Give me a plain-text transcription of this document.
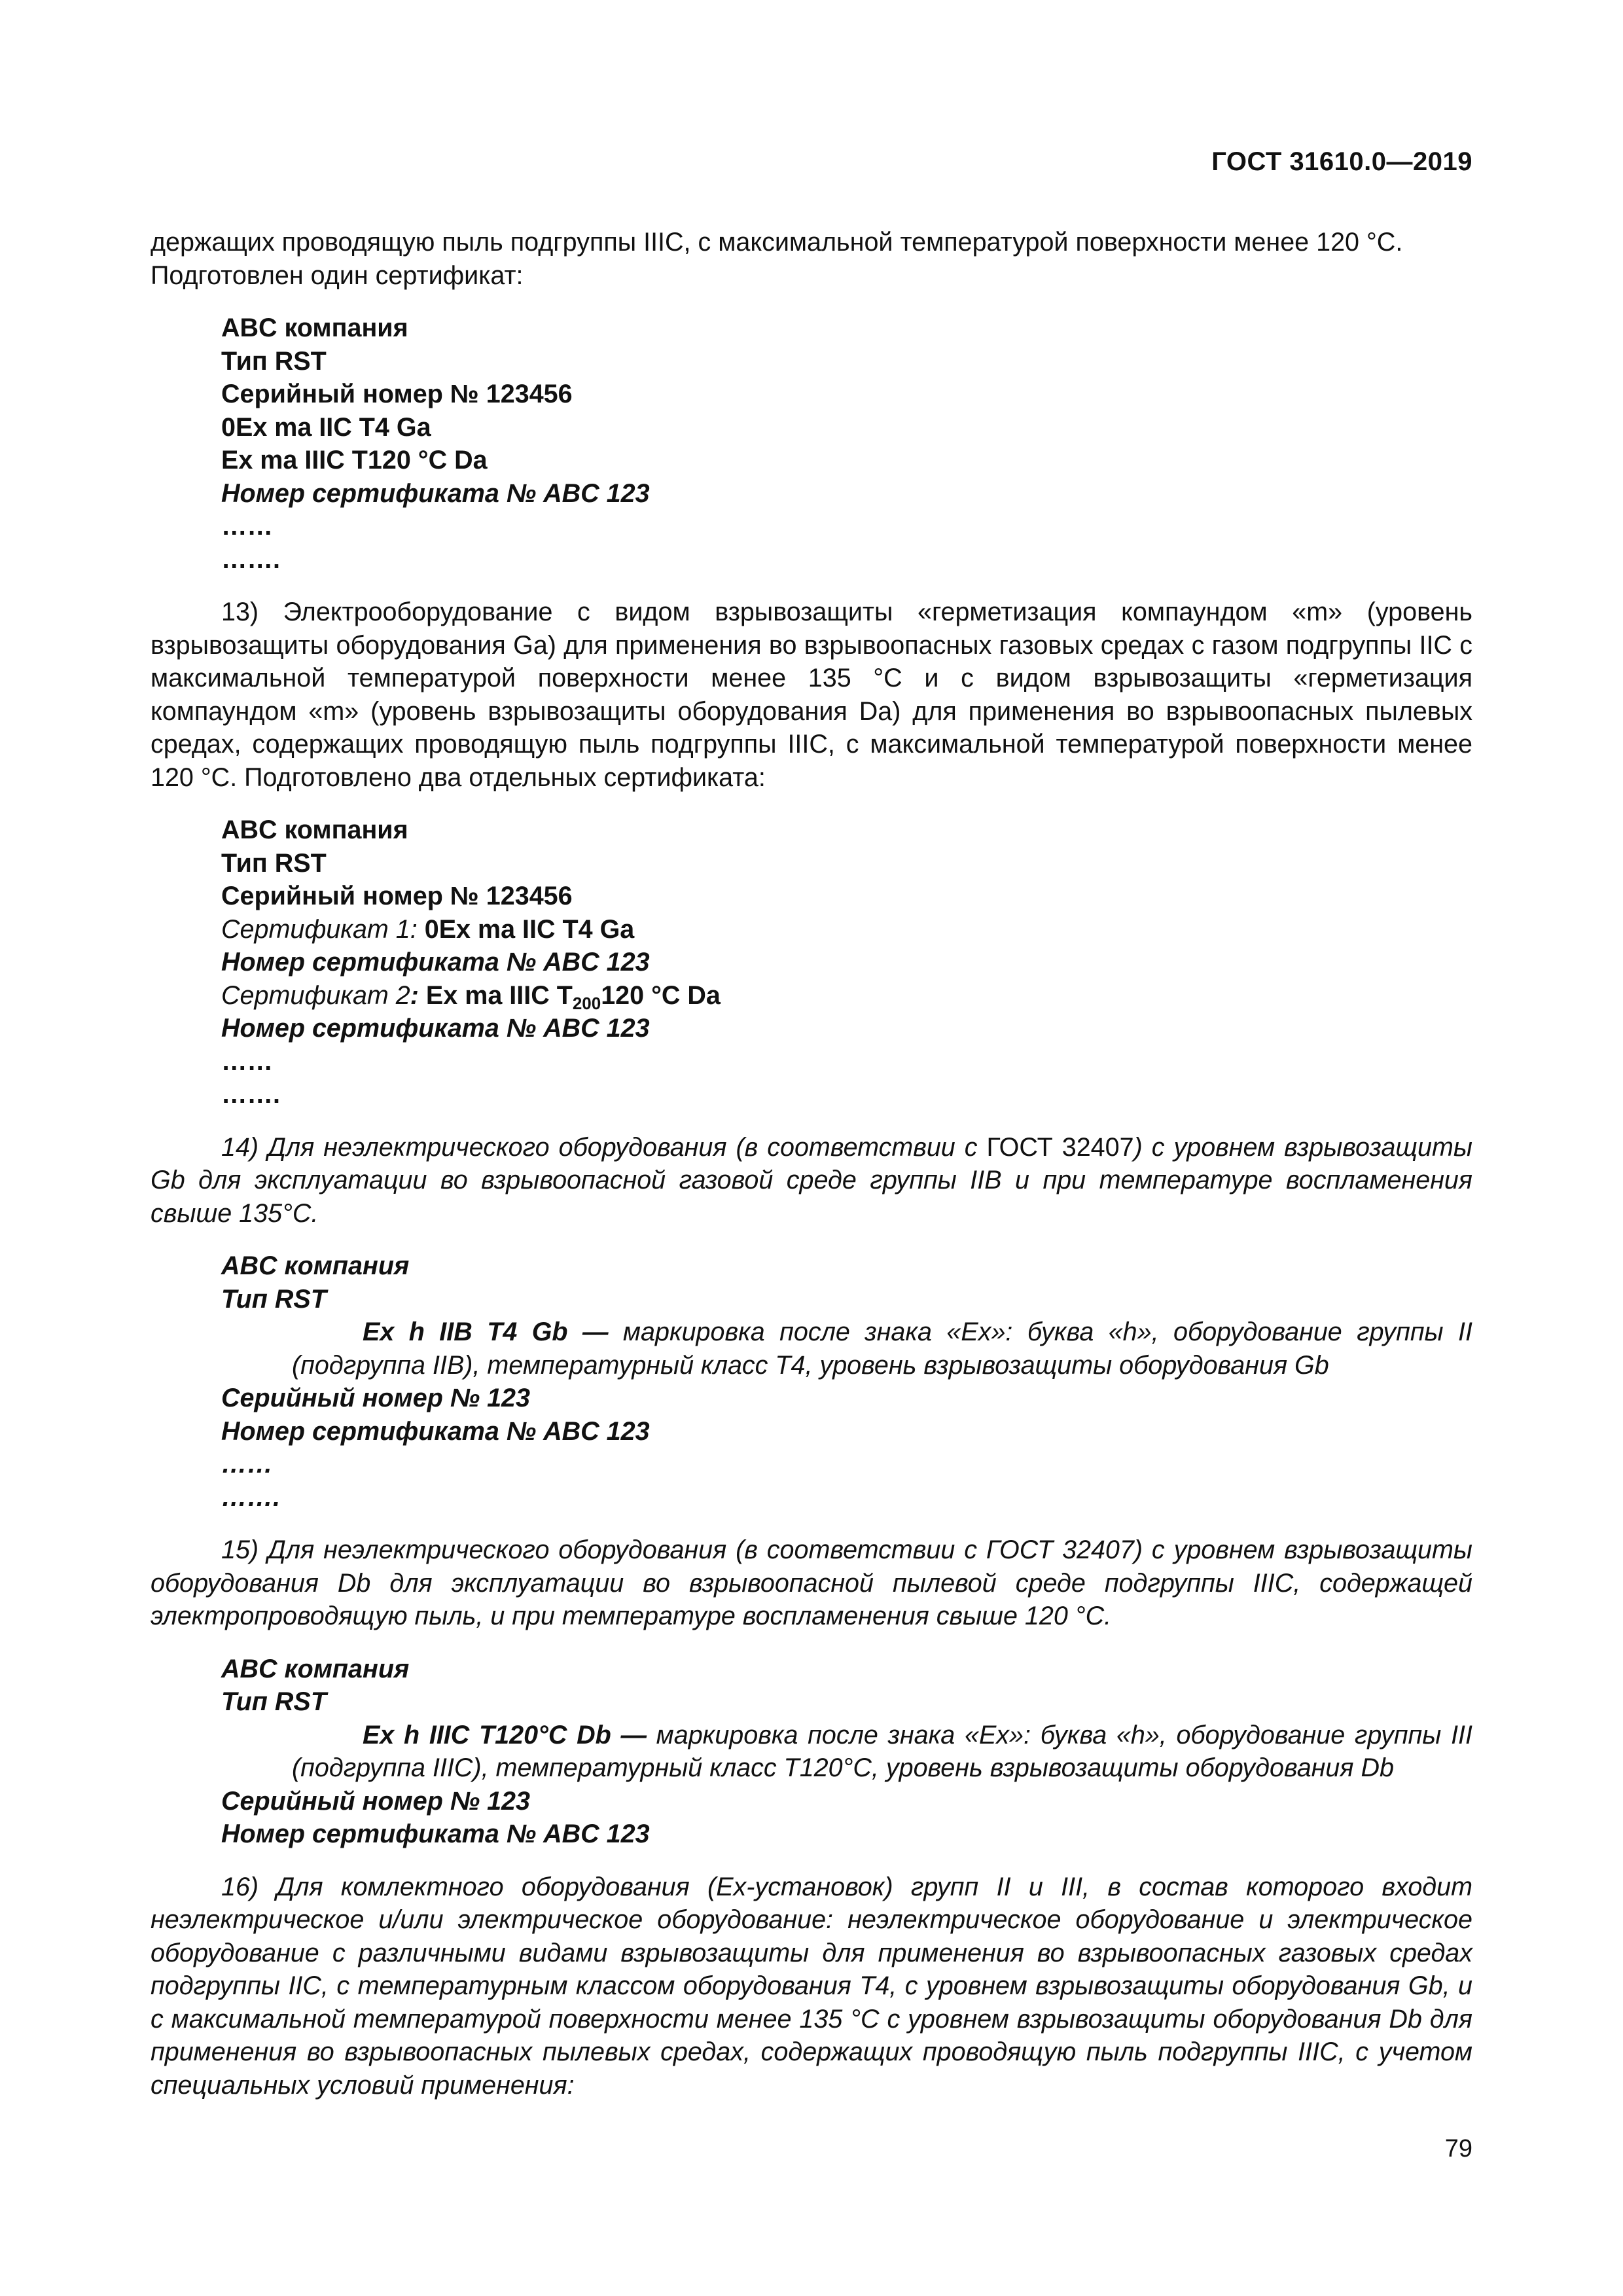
ГОСТ 31610.0—2019

держащих проводящую пыль подгруппы IIIC, с максимальной температурой поверхности менее 120 °C.
Подготовлен один сертификат:

ABC компания

Тип RST

Серийный номер № 123456

0Ex ma IIC T4 Ga

Ex ma IIIC T120 °C Da

Номер сертификата № ABC 123

……

…….

13) Электрооборудование с видом взрывозащиты «герметизация компаундом «m» (уровень взрывозащиты оборудования Ga) для применения во взрывоопасных газовых средах с газом подгруппы IIC с максимальной температурой поверхности менее 135 °C и с видом взрывозащиты «герметизация компаундом «m» (уровень взрывозащиты оборудования Da) для применения во взрывоопасных пылевых средах, содержащих проводящую пыль подгруппы IIIC, с максимальной температурой поверхности менее 120 °C. Подготовлено два отдельных сертификата:

ABC компания

Тип RST

Серийный номер № 123456

Сертификат 1: 0Ex ma IIC T4 Ga

Номер сертификата № ABC 123

Сертификат 2: Ex ma IIIC $T_{200}120$ °C Da

Номер сертификата № ABC 123

……

…….

14) Для неэлектрического оборудования (в соответствии с ГОСТ 32407) с уровнем взрывозащиты Gb для эксплуатации во взрывоопасной газовой среде группы IIB и при температуре воспламенения свыше 135°С.

ABC компания

Тип RST

Ex h IIB T4 Gb — маркировка после знака «Ex»: буква «h», оборудование группы II (подгруппа IIB), температурный класс Т4, уровень взрывозащиты оборудования Gb

Серийный номер № 123

Номер сертификата № ABC 123

……

…….

15) Для неэлектрического оборудования (в соответствии с ГОСТ 32407) с уровнем взрывозащиты оборудования Db для эксплуатации во взрывоопасной пылевой среде подгруппы IIIC, содержащей электропроводящую пыль, и при температуре воспламенения свыше 120 °С.

ABC компания

Тип RST

Ex h IIIC T120°C Db — маркировка после знака «Ex»: буква «h», оборудование группы III (подгруппа IIIC), температурный класс Т120°С, уровень взрывозащиты оборудования Db

Серийный номер № 123

Номер сертификата № ABC 123

16) Для комлектного оборудования (Ex-установок) групп II и III, в состав которого входит неэлектрическое и/или электрическое оборудование: неэлектрическое оборудование и электрическое оборудование с различными видами взрывозащиты для применения во взрывоопасных газовых средах подгруппы IIC, с температурным классом оборудования Т4, с уровнем взрывозащиты оборудования Gb, и с максимальной температурой поверхности менее 135 °С с уровнем взрывозащиты оборудования Db для применения во взрывоопасных пылевых средах, содержащих проводящую пыль подгруппы IIIC, с учетом специальных условий применения:

79
